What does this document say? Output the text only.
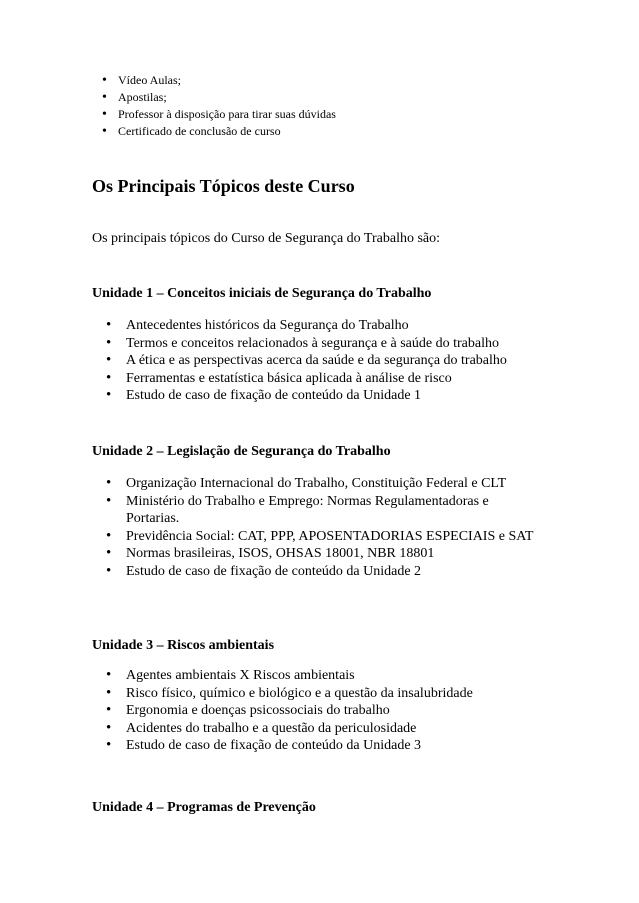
• Vídeo Aulas;
• Apostilas;
• Professor à disposição para tirar suas dúvidas
• Certificado de conclusão de curso
Os Principais Tópicos deste Curso

Os principais tópicos do Curso de Segurança do Trabalho são:

Unidade 1 – Conceitos iniciais de Segurança do Trabalho

• Antecedentes históricos da Segurança do Trabalho
• Termos e conceitos relacionados à segurança e à saúde do trabalho
• A ética e as perspectivas acerca da saúde e da segurança do trabalho
• Ferramentas e estatística básica aplicada à análise de risco
• Estudo de caso de fixação de conteúdo da Unidade 1

Unidade 2 – Legislação de Segurança do Trabalho

• Organização Internacional do Trabalho, Constituição Federal e CLT
• Ministério do Trabalho e Emprego: Normas Regulamentadoras e Portarias.
• Previdência Social: CAT, PPP, APOSENTADORIAS ESPECIAIS e SAT
• Normas brasileiras, ISOS, OHSAS 18001, NBR 18801
• Estudo de caso de fixação de conteúdo da Unidade 2

Unidade 3 – Riscos ambientais

• Agentes ambientais X Riscos ambientais
• Risco físico, químico e biológico e a questão da insalubridade
• Ergonomia e doenças psicossociais do trabalho
• Acidentes do trabalho e a questão da periculosidade
• Estudo de caso de fixação de conteúdo da Unidade 3

Unidade 4 – Programas de Prevenção
